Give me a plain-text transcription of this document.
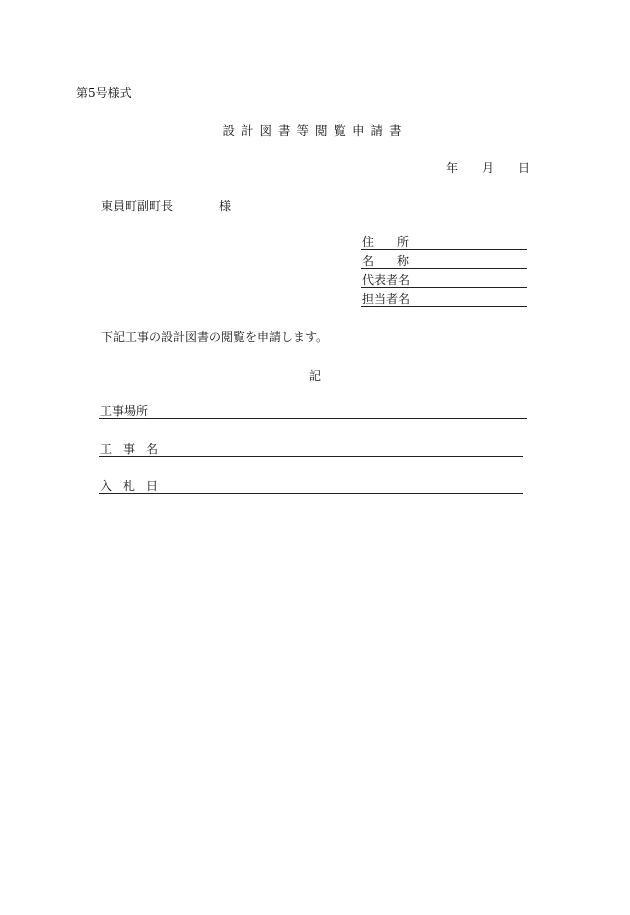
第5号様式
設計図書等閲覧申請書
年	月	日
東員町副町長	様
住所
名称
代表者名
担当者名
下記工事の設計図書の閲覧を申請します。
記
工事場所
工事名
入札日
